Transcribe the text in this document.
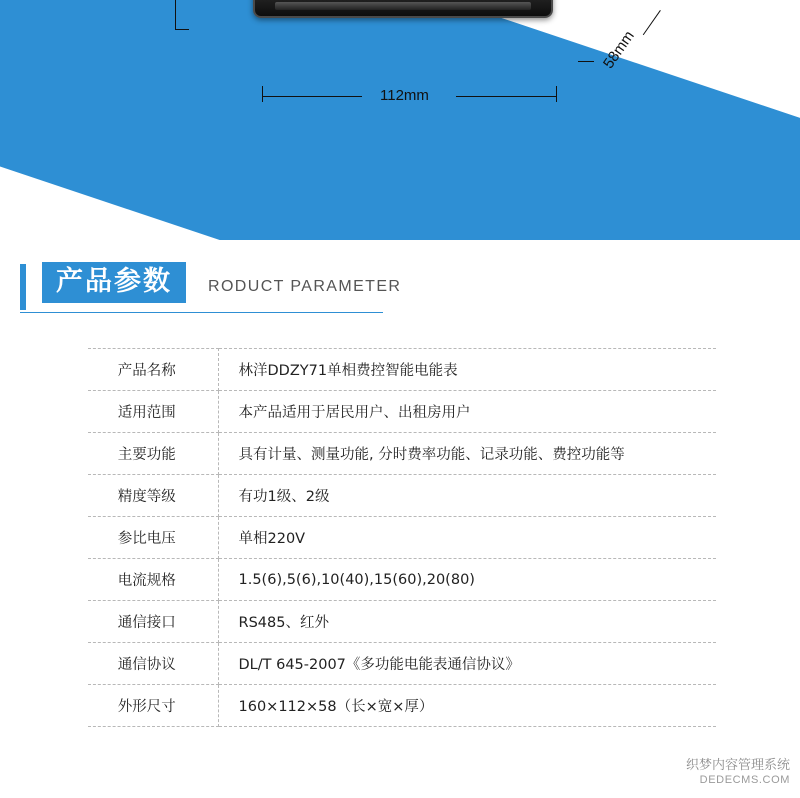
112mm
58mm	DEDECMS.COM
产品参数	RODUCT PARAMETER
产品名称	林洋DDZY71单相费控智能电能表
适用范围	本产品适用于居民用户、出租房用户
主要功能	具有计量、测量功能, 分时费率功能、记录功能、费控功能等
精度等级	有功1级、2级
参比电压	单相220V
电流规格	1.5(6),5(6),10(40),15(60),20(80)
通信接口	RS485、红外
通信协议	DL/T 645-2007《多功能电能表通信协议》
外形尺寸	160×112×58（长×宽×厚）
织梦内容管理系统
DEDECMS.COM
